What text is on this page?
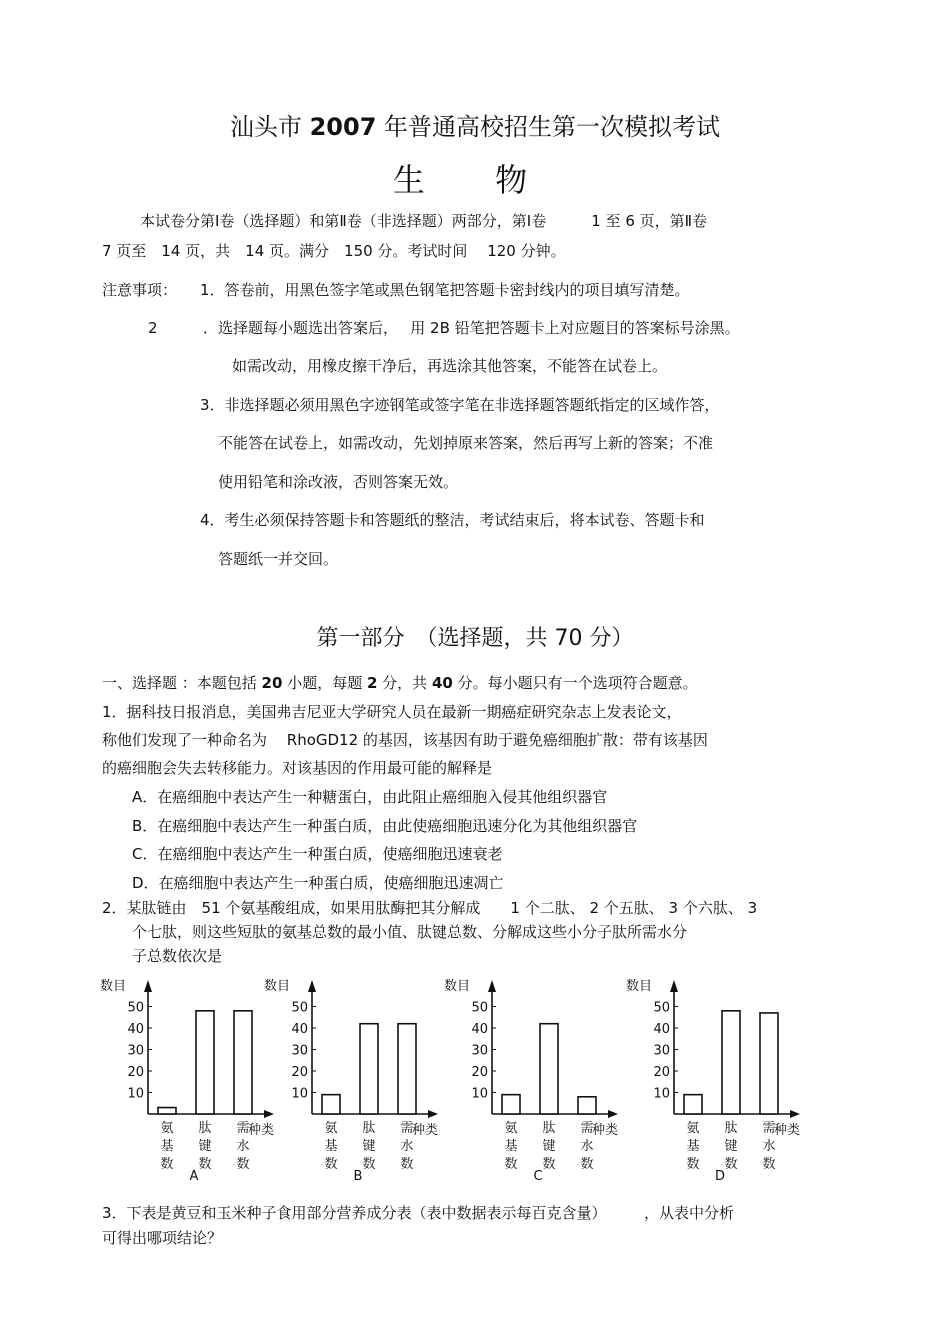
汕头市 2007 年普通高校招生第一次模拟考试
生 物
本试卷分第Ⅰ卷（选择题）和第Ⅱ卷（非选择题）两部分，第Ⅰ卷　　　1 至 6 页，第Ⅱ卷
7 页至　14 页，共　14 页。满分　150 分。考试时间　 120 分钟。
注意事项： 1．答卷前，用黑色签字笔或黑色钢笔把答题卡密封线内的项目填写清楚。
2	．选择题每小题选出答案后，　 用 2B 铅笔把答题卡上对应题目的答案标号涂黑。
如需改动，用橡皮擦干净后，再选涂其他答案，不能答在试卷上。
3．非选择题必须用黑色字迹钢笔或签字笔在非选择题答题纸指定的区域作答，
不能答在试卷上，如需改动，先划掉原来答案，然后再写上新的答案；不准
使用铅笔和涂改液，否则答案无效。
4．考生必须保持答题卡和答题纸的整洁，考试结束后，将本试卷、答题卡和
答题纸一并交回。
第一部分　（选择题，共 70 分）
一、选择题 ：本题包括 20 小题，每题 2 分，共 40 分。每小题只有一个选项符合题意。
1．据科技日报消息，美国弗吉尼亚大学研究人员在最新一期癌症研究杂志上发表论文，
称他们发现了一种命名为　 RhoGD12 的基因，该基因有助于避免癌细胞扩散：带有该基因
的癌细胞会失去转移能力。对该基因的作用最可能的解释是
A．在癌细胞中表达产生一种糖蛋白，由此阻止癌细胞入侵其他组织器官
B．在癌细胞中表达产生一种蛋白质，由此使癌细胞迅速分化为其他组织器官
C．在癌细胞中表达产生一种蛋白质，使癌细胞迅速衰老
D．在癌细胞中表达产生一种蛋白质，使癌细胞迅速凋亡
2．某肽链由　51 个氨基酸组成，如果用肽酶把其分解成　　1 个二肽、 2 个五肽、 3 个六肽、 3
个七肽，则这些短肽的氨基总数的最小值、肽键总数、分解成这些小分子肽所需水分
子总数依次是
数目
10
20
30
40
50
氨基数
肽键数
需水数
种类
A
数目
10
20
30
40
50
氨基数
肽键数
需水数
种类
B
数目
10
20
30
40
50
氨基数
肽键数
需水数
种类
C
数目
10
20
30
40
50
氨基数
肽键数
需水数
种类
D
3．下表是黄豆和玉米种子食用部分营养成分表（表中数据表示每百克含量）　　　，从表中分析
可得出哪项结论？
